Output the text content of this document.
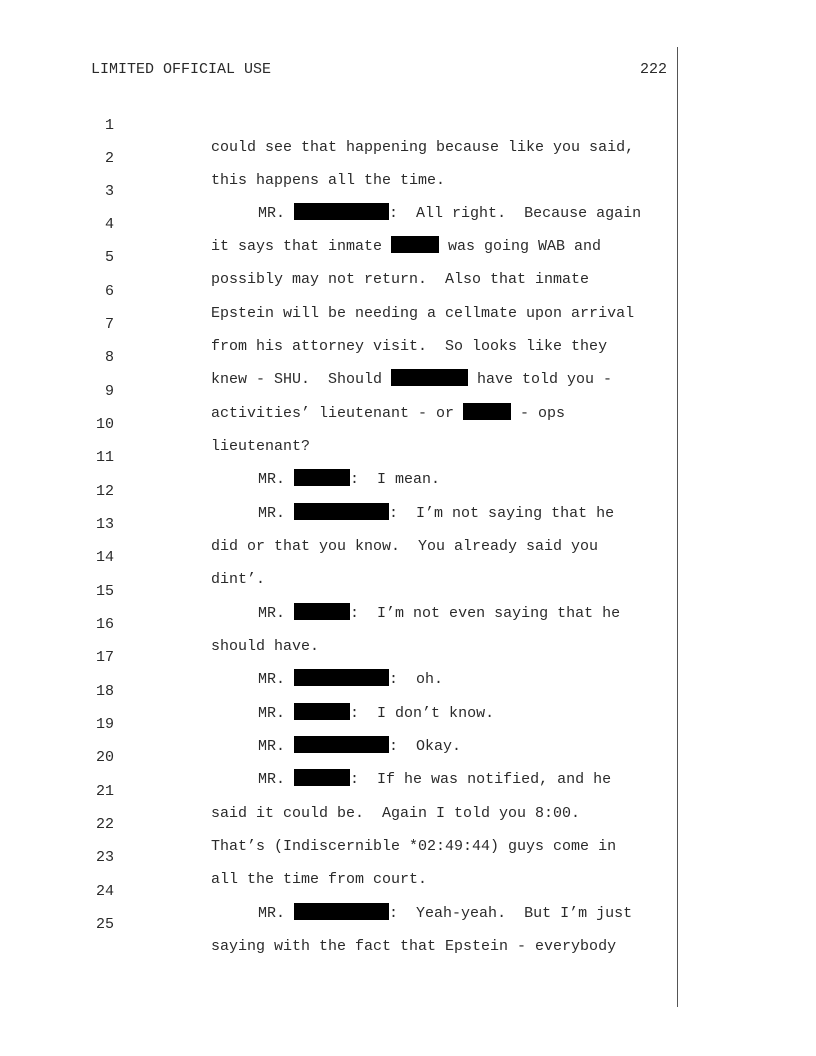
LIMITED OFFICIAL USE	222

1

could see that happening because like you said,

2

this happens all the time.

3

MR.	:  All right.  Because again

4

it says that inmate	was going WAB and

5

possibly may not return.  Also that inmate

6

Epstein will be needing a cellmate upon arrival

7

from his attorney visit.  So looks like they

8

knew - SHU.  Should	have told you -

9

activities’ lieutenant - or	- ops

10

lieutenant?

11

MR.	:  I mean.

12

MR.	:  I’m not saying that he

13

did or that you know.  You already said you

14

dint’.

15

MR.	:  I’m not even saying that he

16

should have.

17

MR.	:  oh.

18

MR.	:  I don’t know.

19

MR.	:  Okay.

20

MR.	:  If he was notified, and he

21

said it could be.  Again I told you 8:00.

22

That’s (Indiscernible *02:49:44) guys come in

23

all the time from court.

24

MR.	:  Yeah-yeah.  But I’m just

25

saying with the fact that Epstein - everybody
